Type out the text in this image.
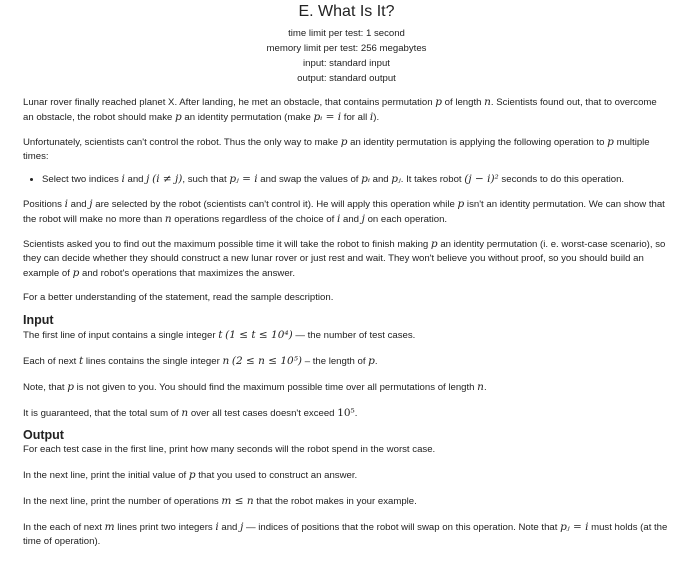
E. What Is It?
time limit per test: 1 second
memory limit per test: 256 megabytes
input: standard input
output: standard output

Lunar rover finally reached planet X. After landing, he met an obstacle, that contains permutation p of length n. Scientists found out, that to overcome an obstacle, the robot should make p an identity permutation (make pᵢ = i for all i).

Unfortunately, scientists can't control the robot. Thus the only way to make p an identity permutation is applying the following operation to p multiple times:

• Select two indices i and j (i ≠ j), such that pⱼ = i and swap the values of pᵢ and pⱼ. It takes robot (j − i)² seconds to do this operation.

Positions i and j are selected by the robot (scientists can't control it). He will apply this operation while p isn't an identity permutation. We can show that the robot will make no more than n operations regardless of the choice of i and j on each operation.

Scientists asked you to find out the maximum possible time it will take the robot to finish making p an identity permutation (i. e. worst-case scenario), so they can decide whether they should construct a new lunar rover or just rest and wait. They won't believe you without proof, so you should build an example of p and robot's operations that maximizes the answer.

For a better understanding of the statement, read the sample description.

Input

The first line of input contains a single integer t (1 ≤ t ≤ 10⁴) — the number of test cases.

Each of next t lines contains the single integer n (2 ≤ n ≤ 10⁵) – the length of p.

Note, that p is not given to you. You should find the maximum possible time over all permutations of length n.

It is guaranteed, that the total sum of n over all test cases doesn't exceed 10⁵.

Output

For each test case in the first line, print how many seconds will the robot spend in the worst case.

In the next line, print the initial value of p that you used to construct an answer.

In the next line, print the number of operations m ≤ n that the robot makes in your example.

In the each of next m lines print two integers i and j — indices of positions that the robot will swap on this operation. Note that pⱼ = i must holds (at the time of operation).
